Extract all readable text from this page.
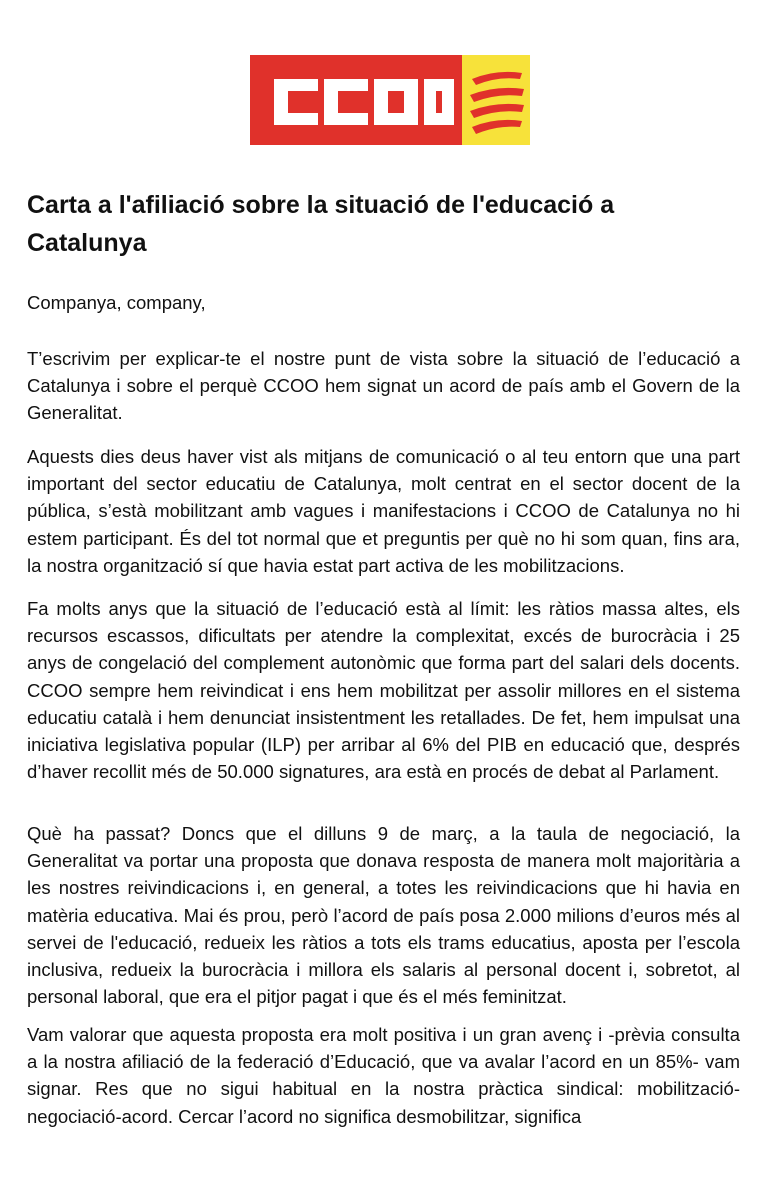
Carta a l'afiliació sobre la situació de l'educació a Catalunya

Companya, company,

T’escrivim per explicar-te el nostre punt de vista sobre la situació de l’educació a Catalunya i sobre el perquè CCOO hem signat un acord de país amb el Govern de la Generalitat.

Aquests dies deus haver vist als mitjans de comunicació o al teu entorn que una part important del sector educatiu de Catalunya, molt centrat en el sector docent de la pública, s’està mobilitzant amb vagues i manifestacions i CCOO de Catalunya no hi estem participant. És del tot normal que et preguntis per què no hi som quan, fins ara, la nostra organització sí que havia estat part activa de les mobilitzacions.

Fa molts anys que la situació de l’educació està al límit: les ràtios massa altes, els recursos escassos, dificultats per atendre la complexitat, excés de burocràcia i 25 anys de congelació del complement autonòmic que forma part del salari dels docents. CCOO sempre hem reivindicat i ens hem mobilitzat per assolir millores en el sistema educatiu català i hem denunciat insistentment les retallades. De fet, hem impulsat una iniciativa legislativa popular (ILP) per arribar al 6% del PIB en educació que, després d’haver recollit més de 50.000 signatures, ara està en procés de debat al Parlament.

Què ha passat? Doncs que el dilluns 9 de març, a la taula de negociació, la Generalitat va portar una proposta que donava resposta de manera molt majoritària a les nostres reivindicacions i, en general, a totes les reivindicacions que hi havia en matèria educativa. Mai és prou, però l’acord de país posa 2.000 milions d’euros més al servei de l'educació, redueix les ràtios a tots els trams educatius, aposta per l’escola inclusiva, redueix la burocràcia i millora els salaris al personal docent i, sobretot, al personal laboral, que era el pitjor pagat i que és el més feminitzat.

Vam valorar que aquesta proposta era molt positiva i un gran avenç i -prèvia consulta a la nostra afiliació de la federació d’Educació, que va avalar l’acord en un 85%- vam signar. Res que no sigui habitual en la nostra pràctica sindical: mobilització-negociació-acord. Cercar l’acord no significa desmobilitzar, significa
